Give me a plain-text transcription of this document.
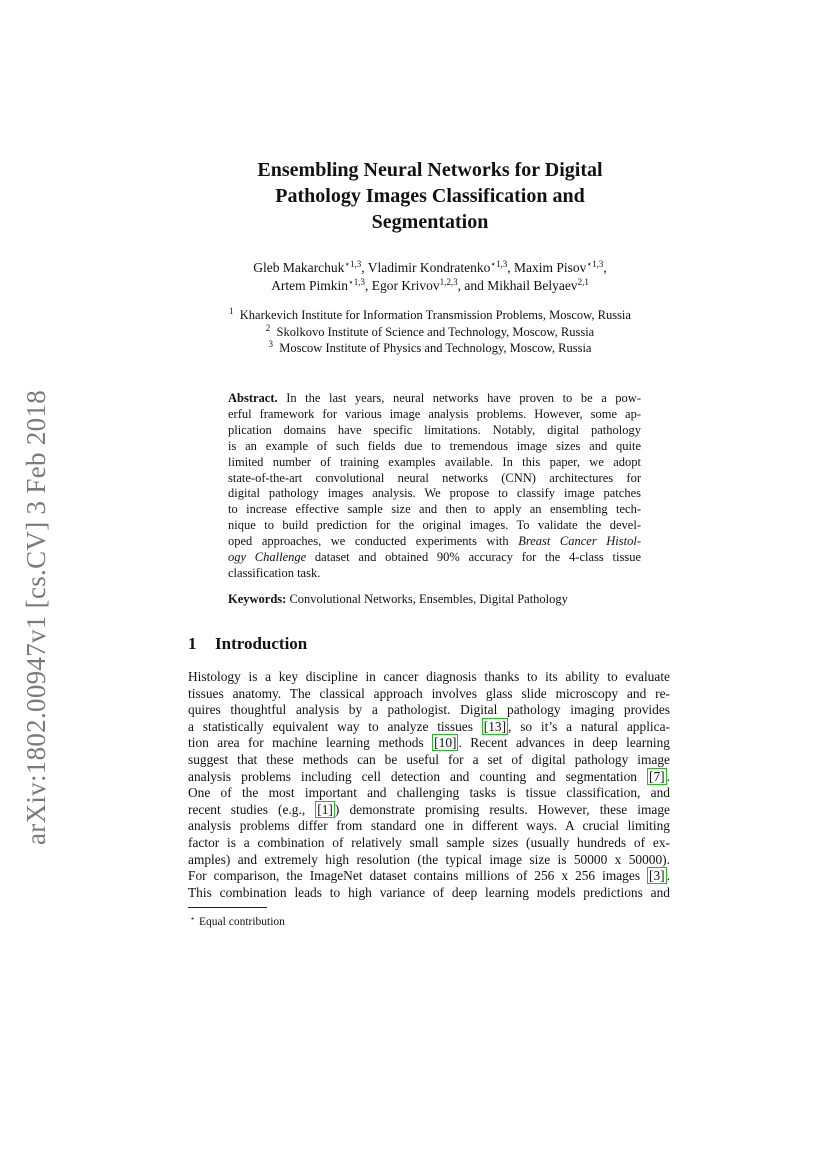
arXiv:1802.00947v1 [cs.CV] 3 Feb 2018
Ensembling Neural Networks for Digital
Pathology Images Classification and
Segmentation
Gleb Makarchuk$^{⋆1,3}$, Vladimir Kondratenko$^{⋆1,3}$, Maxim Pisov$^{⋆1,3}$,
Artem Pimkin$^{⋆1,3}$, Egor Krivov$^{1,2,3}$, and Mikhail Belyaev$^{2,1}$
$^1$ Kharkevich Institute for Information Transmission Problems, Moscow, Russia
$^2$ Skolkovo Institute of Science and Technology, Moscow, Russia
$^3$ Moscow Institute of Physics and Technology, Moscow, Russia
Abstract. In the last years, neural networks have proven to be a pow-
erful framework for various image analysis problems. However, some ap-
plication domains have specific limitations. Notably, digital pathology
is an example of such fields due to tremendous image sizes and quite
limited number of training examples available. In this paper, we adopt
state-of-the-art convolutional neural networks (CNN) architectures for
digital pathology images analysis. We propose to classify image patches
to increase effective sample size and then to apply an ensembling tech-
nique to build prediction for the original images. To validate the devel-
oped approaches, we conducted experiments with Breast Cancer Histol-
ogy Challenge dataset and obtained 90% accuracy for the 4-class tissue
classification task.
Keywords: Convolutional Networks, Ensembles, Digital Pathology
1 Introduction
Histology is a key discipline in cancer diagnosis thanks to its ability to evaluate
tissues anatomy. The classical approach involves glass slide microscopy and re-
quires thoughtful analysis by a pathologist. Digital pathology imaging provides
a statistically equivalent way to analyze tissues [13] , so it’s a natural applica-
tion area for machine learning methods [10] . Recent advances in deep learning
suggest that these methods can be useful for a set of digital pathology image
analysis problems including cell detection and counting and segmentation [7] .
One of the most important and challenging tasks is tissue classification, and
recent studies (e.g., [1] ) demonstrate promising results. However, these image
analysis problems differ from standard one in different ways. A crucial limiting
factor is a combination of relatively small sample sizes (usually hundreds of ex-
amples) and extremely high resolution (the typical image size is 50000 x 50000).
For comparison, the ImageNet dataset contains millions of 256 x 256 images [3] .
This combination leads to high variance of deep learning models predictions and
⋆ Equal contribution
